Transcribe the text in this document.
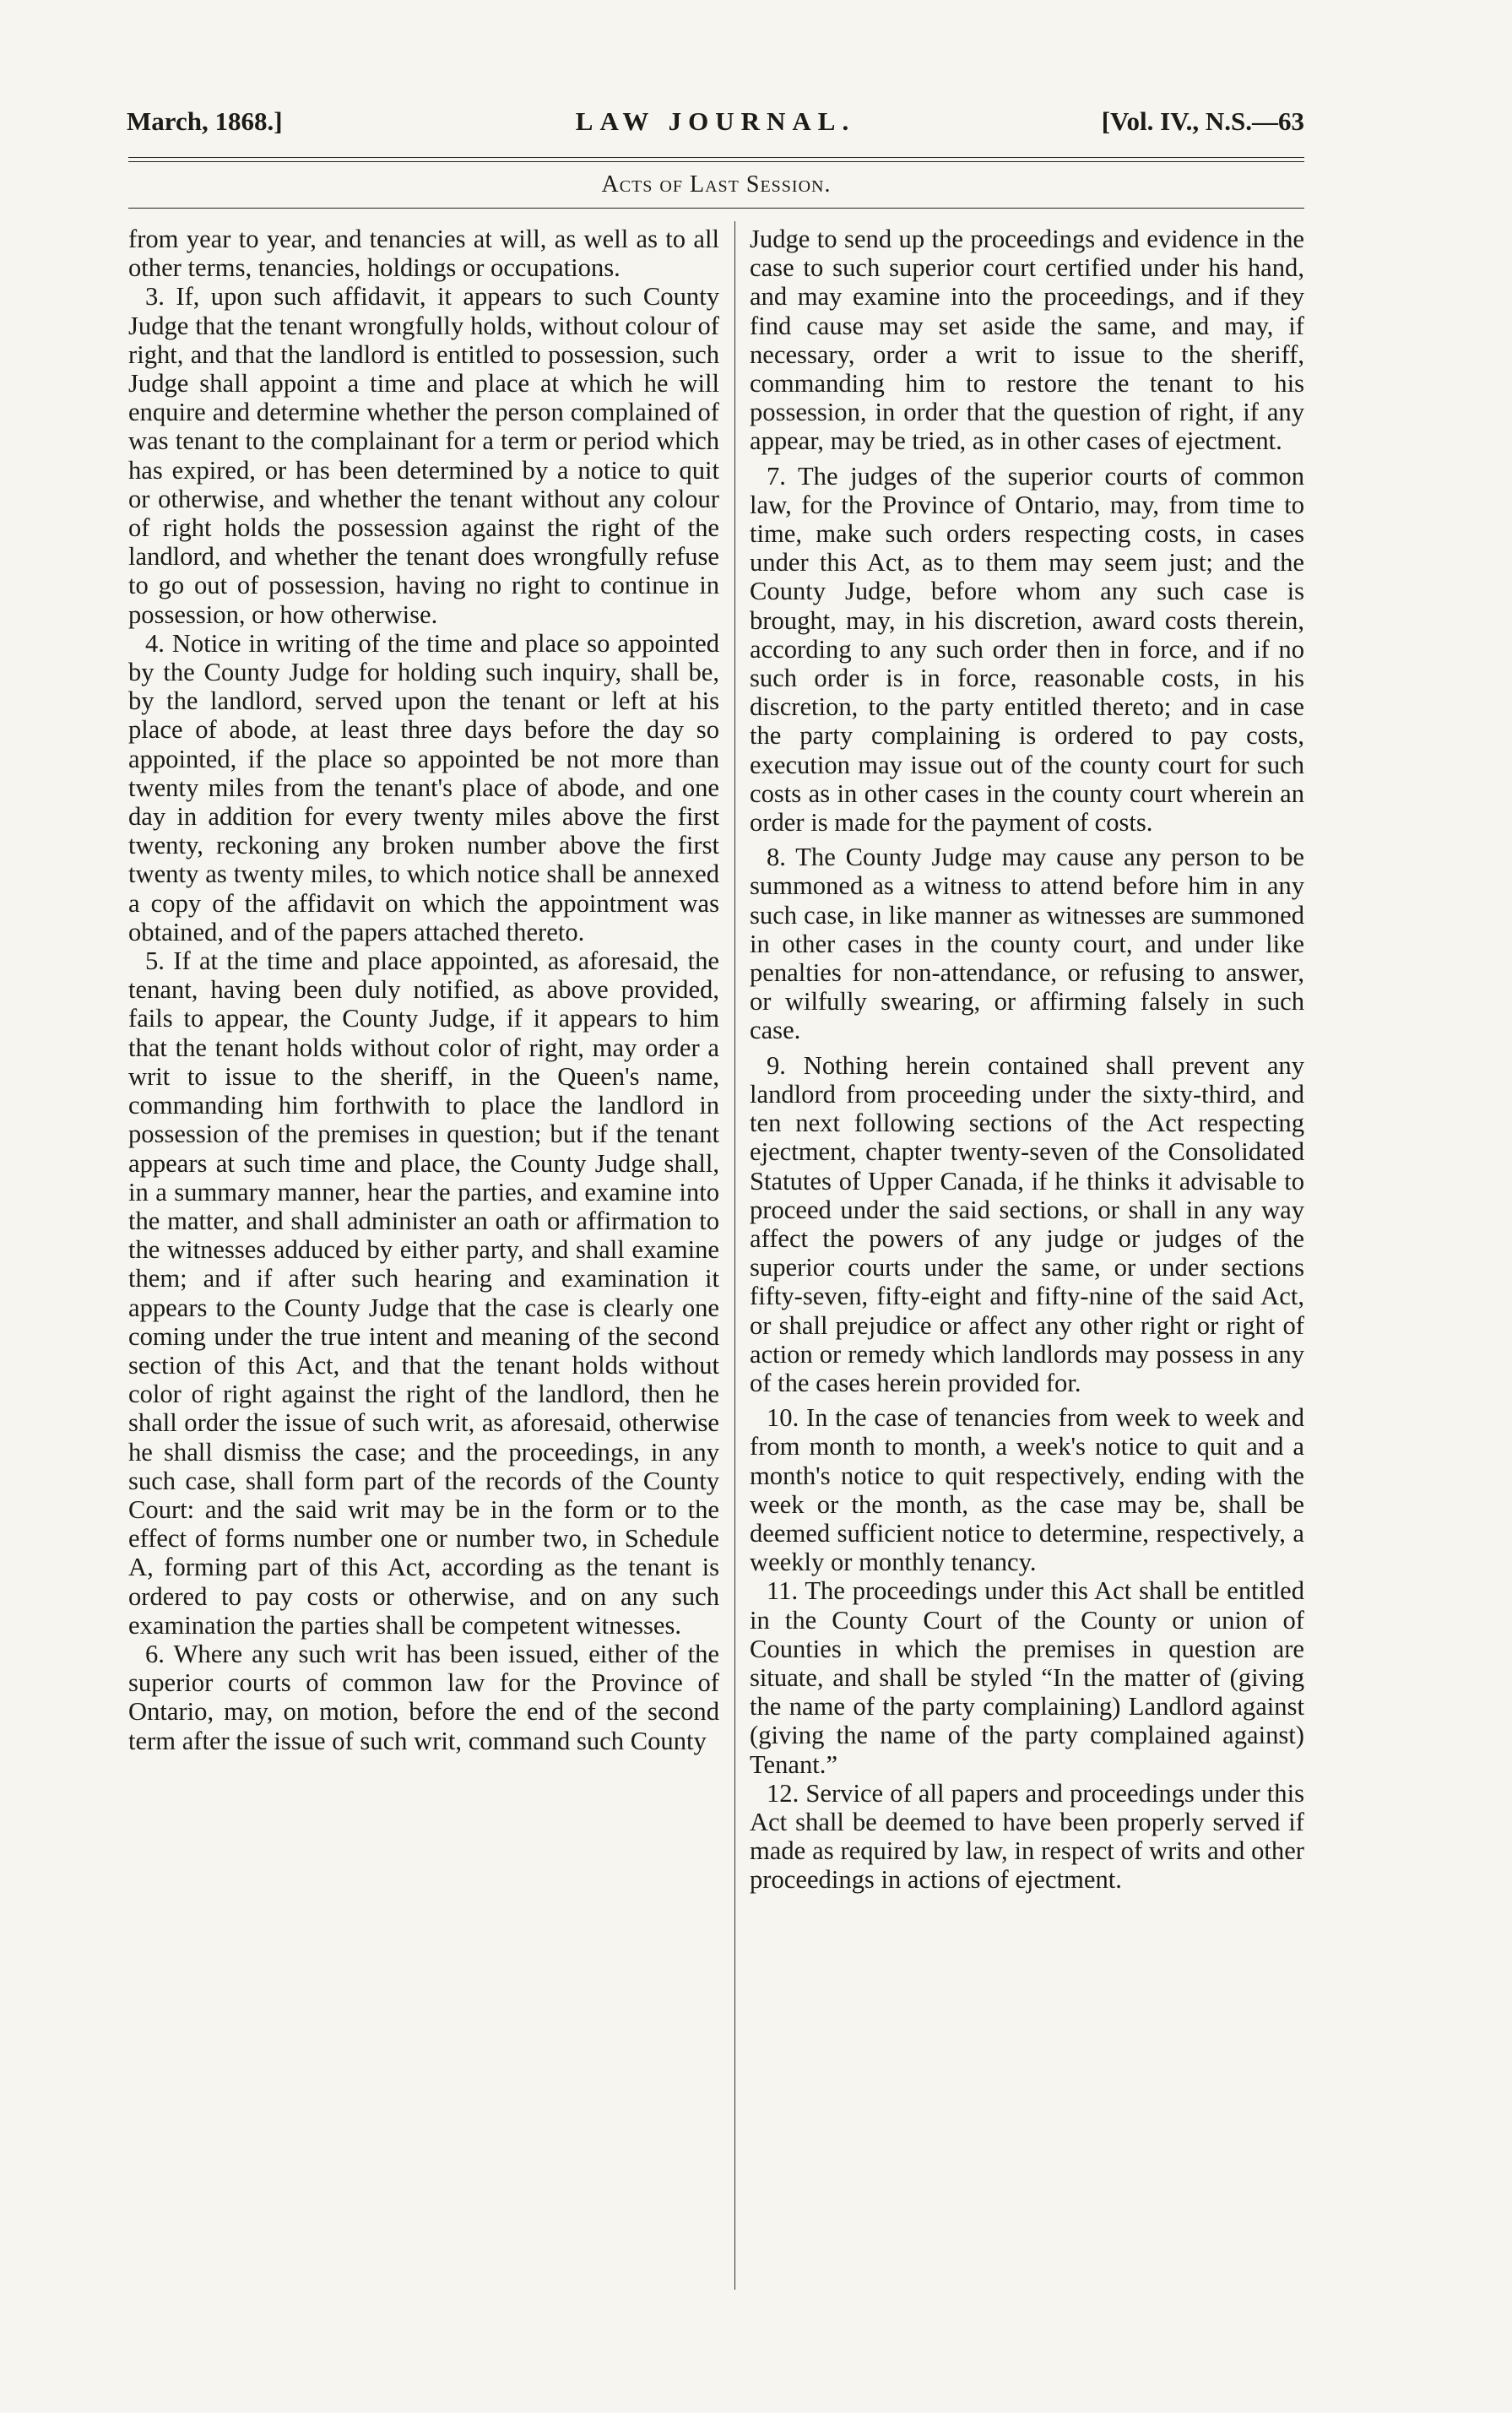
March, 1868.]	LAW JOURNAL.	[Vol. IV., N.S.—63
Acts of Last Session.

from year to year, and tenancies at will, as well as to all other terms, tenancies, holdings or occupations.

3. If, upon such affidavit, it appears to such County Judge that the tenant wrongfully holds, without colour of right, and that the landlord is entitled to possession, such Judge shall appoint a time and place at which he will enquire and determine whether the person complained of was tenant to the complainant for a term or period which has expired, or has been determined by a notice to quit or otherwise, and whether the tenant without any colour of right holds the possession against the right of the landlord, and whether the tenant does wrongfully refuse to go out of possession, having no right to continue in possession, or how otherwise.

4. Notice in writing of the time and place so appointed by the County Judge for holding such inquiry, shall be, by the landlord, served upon the tenant or left at his place of abode, at least three days before the day so appointed, if the place so appointed be not more than twenty miles from the tenant's place of abode, and one day in addition for every twenty miles above the first twenty, reckoning any broken number above the first twenty as twenty miles, to which notice shall be annexed a copy of the affidavit on which the appointment was obtained, and of the papers attached thereto.

5. If at the time and place appointed, as aforesaid, the tenant, having been duly notified, as above provided, fails to appear, the County Judge, if it appears to him that the tenant holds without color of right, may order a writ to issue to the sheriff, in the Queen's name, commanding him forthwith to place the landlord in possession of the premises in question; but if the tenant appears at such time and place, the County Judge shall, in a summary manner, hear the parties, and examine into the matter, and shall administer an oath or affirmation to the witnesses adduced by either party, and shall examine them; and if after such hearing and examination it appears to the County Judge that the case is clearly one coming under the true intent and meaning of the second section of this Act, and that the tenant holds without color of right against the right of the landlord, then he shall order the issue of such writ, as aforesaid, otherwise he shall dismiss the case; and the proceedings, in any such case, shall form part of the records of the County Court: and the said writ may be in the form or to the effect of forms number one or number two, in Schedule A, forming part of this Act, according as the tenant is ordered to pay costs or otherwise, and on any such examination the parties shall be competent witnesses.

6. Where any such writ has been issued, either of the superior courts of common law for the Province of Ontario, may, on motion, before the end of the second term after the issue of such writ, command such County

Judge to send up the proceedings and evidence in the case to such superior court certified under his hand, and may examine into the proceedings, and if they find cause may set aside the same, and may, if necessary, order a writ to issue to the sheriff, commanding him to restore the tenant to his possession, in order that the question of right, if any appear, may be tried, as in other cases of ejectment.

7. The judges of the superior courts of common law, for the Province of Ontario, may, from time to time, make such orders respecting costs, in cases under this Act, as to them may seem just; and the County Judge, before whom any such case is brought, may, in his discretion, award costs therein, according to any such order then in force, and if no such order is in force, reasonable costs, in his discretion, to the party entitled thereto; and in case the party complaining is ordered to pay costs, execution may issue out of the county court for such costs as in other cases in the county court wherein an order is made for the payment of costs.

8. The County Judge may cause any person to be summoned as a witness to attend before him in any such case, in like manner as witnesses are summoned in other cases in the county court, and under like penalties for non-attendance, or refusing to answer, or wilfully swearing, or affirming falsely in such case.

9. Nothing herein contained shall prevent any landlord from proceeding under the sixty-third, and ten next following sections of the Act respecting ejectment, chapter twenty-seven of the Consolidated Statutes of Upper Canada, if he thinks it advisable to proceed under the said sections, or shall in any way affect the powers of any judge or judges of the superior courts under the same, or under sections fifty-seven, fifty-eight and fifty-nine of the said Act, or shall prejudice or affect any other right or right of action or remedy which landlords may possess in any of the cases herein provided for.

10. In the case of tenancies from week to week and from month to month, a week's notice to quit and a month's notice to quit respectively, ending with the week or the month, as the case may be, shall be deemed sufficient notice to determine, respectively, a weekly or monthly tenancy.

11. The proceedings under this Act shall be entitled in the County Court of the County or union of Counties in which the premises in question are situate, and shall be styled “In the matter of (giving the name of the party complaining) Landlord against (giving the name of the party complained against) Tenant.”

12. Service of all papers and proceedings under this Act shall be deemed to have been properly served if made as required by law, in respect of writs and other proceedings in actions of ejectment.
